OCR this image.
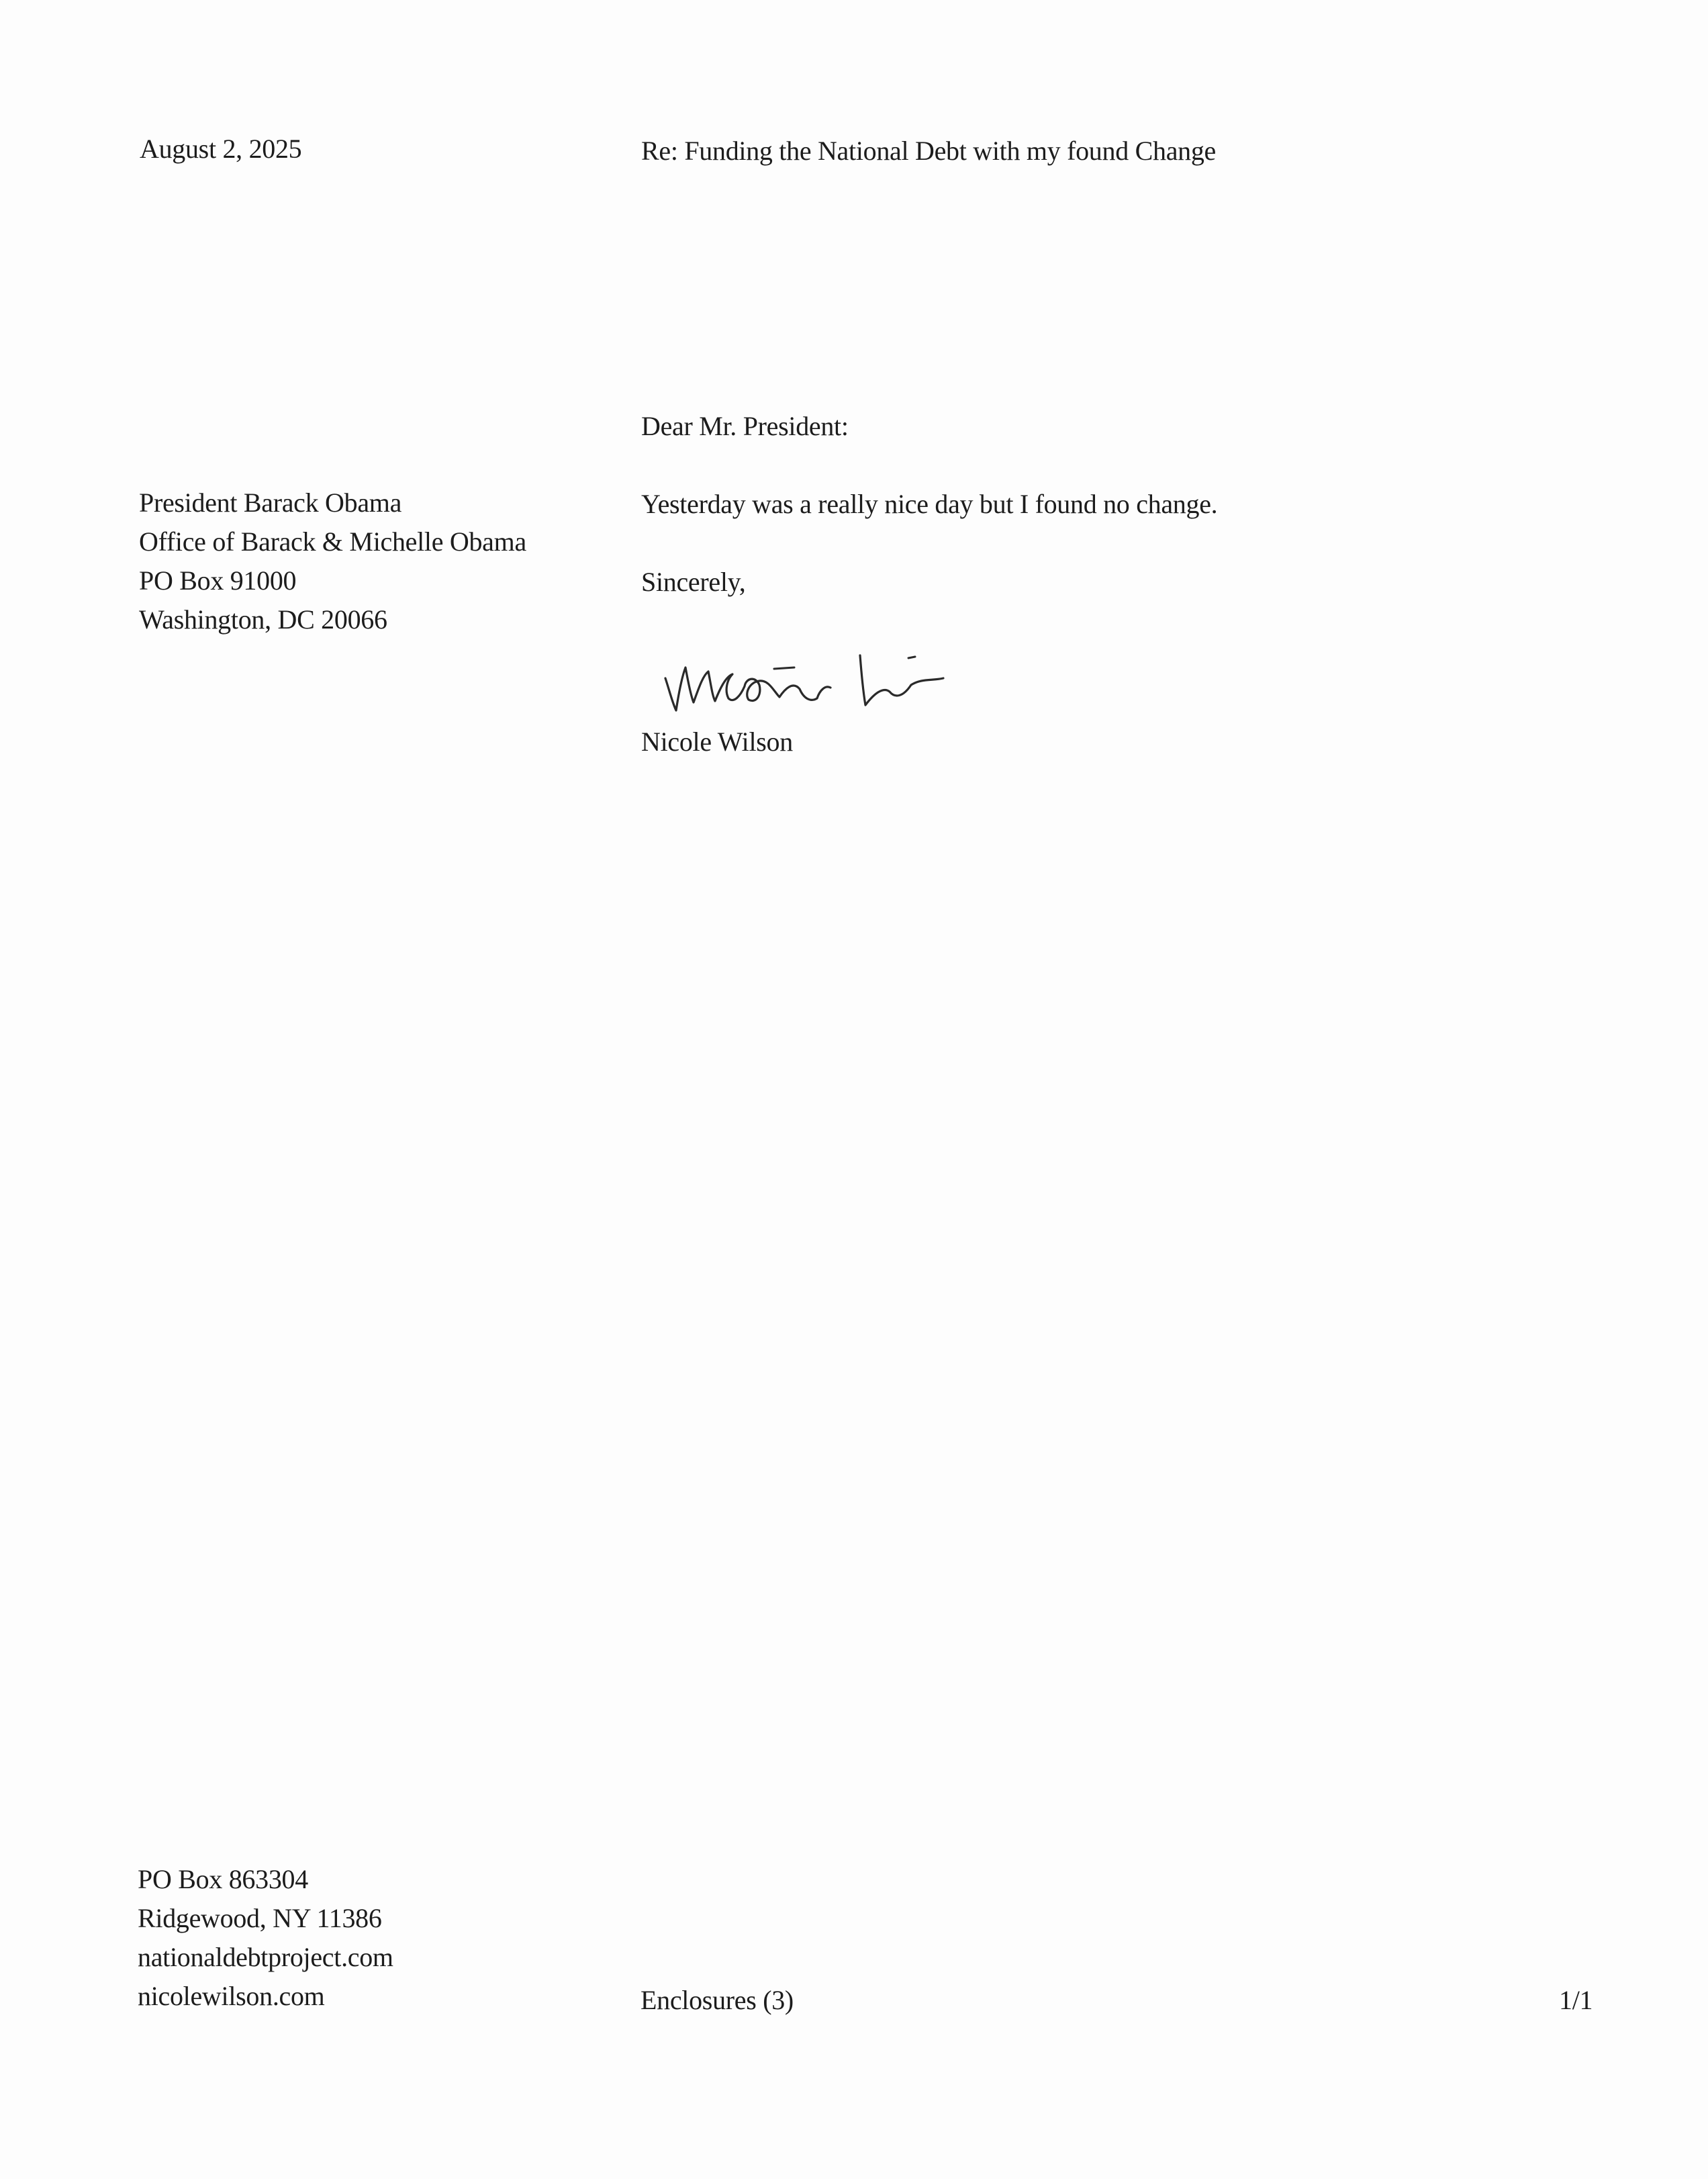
August 2, 2025	Re: Funding the National Debt with my found Change
Dear Mr. President:
President Barack Obama
Office of Barack & Michelle Obama
PO Box 91000
Washington, DC 20066
Yesterday was a really nice day but I found no change.
Sincerely,
Nicole Wilson
PO Box 863304
Ridgewood, NY 11386
nationaldebtproject.com
nicolewilson.com	Enclosures (3)	1/1
